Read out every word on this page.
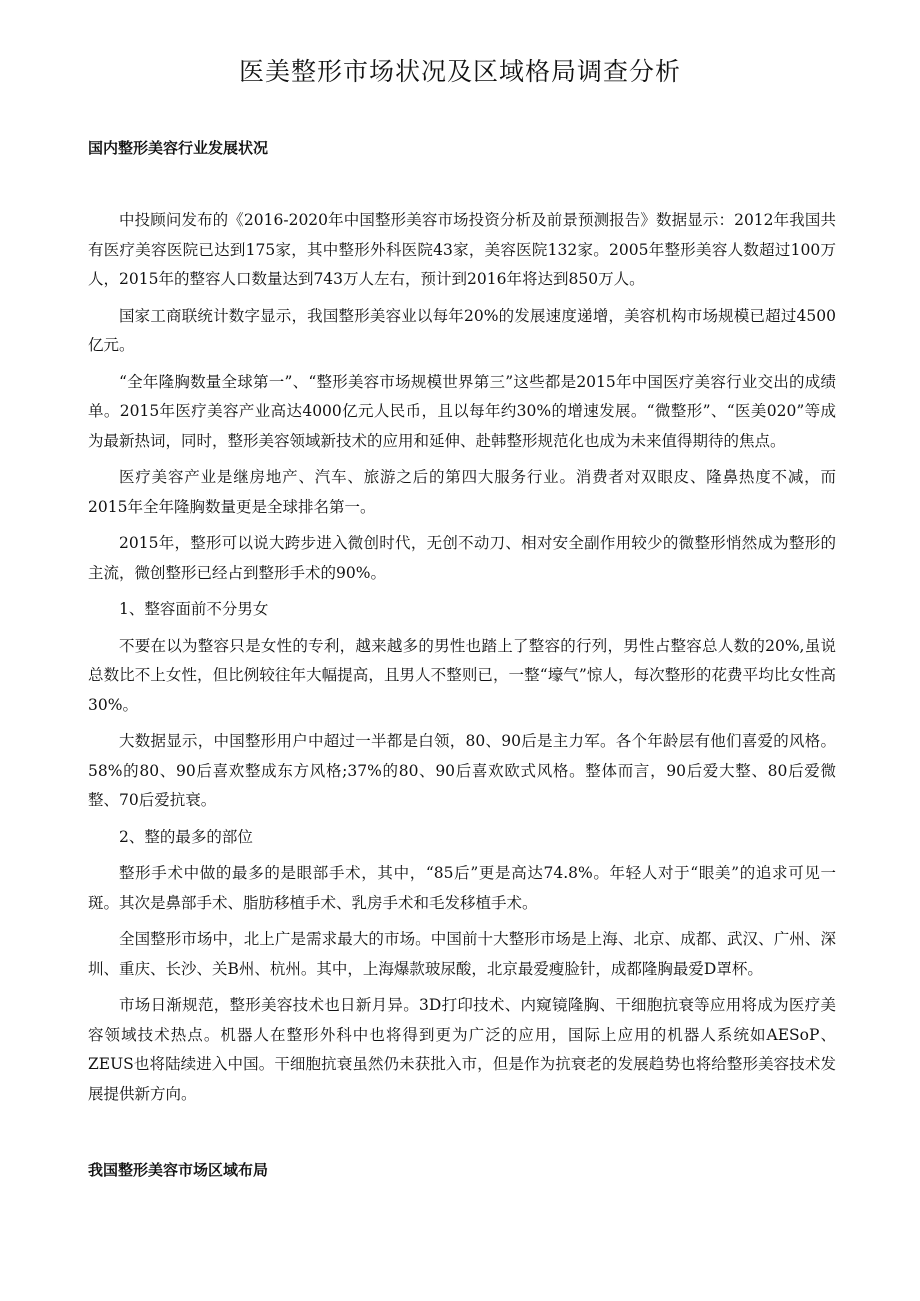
医美整形市场状况及区域格局调查分析
国内整形美容行业发展状况

中投顾问发布的《2016-2020年中国整形美容市场投资分析及前景预测报告》数据显示：2012年我国共有医疗美容医院已达到175家，其中整形外科医院43家，美容医院132家。2005年整形美容人数超过100万人，2015年的整容人口数量达到743万人左右，预计到2016年将达到850万人。

国家工商联统计数字显示，我国整形美容业以每年20%的发展速度递增，美容机构市场规模已超过4500亿元。

“全年隆胸数量全球第一”、“整形美容市场规模世界第三”这些都是2015年中国医疗美容行业交出的成绩单。2015年医疗美容产业高达4000亿元人民币，且以每年约30%的增速发展。“微整形”、“医美020”等成为最新热词，同时，整形美容领域新技术的应用和延伸、赴韩整形规范化也成为未来值得期待的焦点。

医疗美容产业是继房地产、汽车、旅游之后的第四大服务行业。消费者对双眼皮、隆鼻热度不减，而2015年全年隆胸数量更是全球排名第一。

2015年，整形可以说大跨步进入微创时代，无创不动刀、相对安全副作用较少的微整形悄然成为整形的主流，微创整形已经占到整形手术的90%。

1、整容面前不分男女

不要在以为整容只是女性的专利，越来越多的男性也踏上了整容的行列，男性占整容总人数的20%,虽说总数比不上女性，但比例较往年大幅提高，且男人不整则已，一整“壕气”惊人，每次整形的花费平均比女性高30%。

大数据显示，中国整形用户中超过一半都是白领，80、90后是主力军。各个年龄层有他们喜爱的风格。58%的80、90后喜欢整成东方风格;37%的80、90后喜欢欧式风格。整体而言，90后爱大整、80后爱微整、70后爱抗衰。

2、整的最多的部位

整形手术中做的最多的是眼部手术，其中，“85后”更是高达74.8%。年轻人对于“眼美”的追求可见一斑。其次是鼻部手术、脂肪移植手术、乳房手术和毛发移植手术。

全国整形市场中，北上广是需求最大的市场。中国前十大整形市场是上海、北京、成都、武汉、广州、深圳、重庆、长沙、关B州、杭州。其中，上海爆款玻尿酸，北京最爱瘦脸针，成都隆胸最爱D罩杯。

市场日渐规范，整形美容技术也日新月异。3D打印技术、内窥镜隆胸、干细胞抗衰等应用将成为医疗美容领域技术热点。机器人在整形外科中也将得到更为广泛的应用，国际上应用的机器人系统如AESoP、ZEUS也将陆续进入中国。干细胞抗衰虽然仍未获批入市，但是作为抗衰老的发展趋势也将给整形美容技术发展提供新方向。

我国整形美容市场区域布局
